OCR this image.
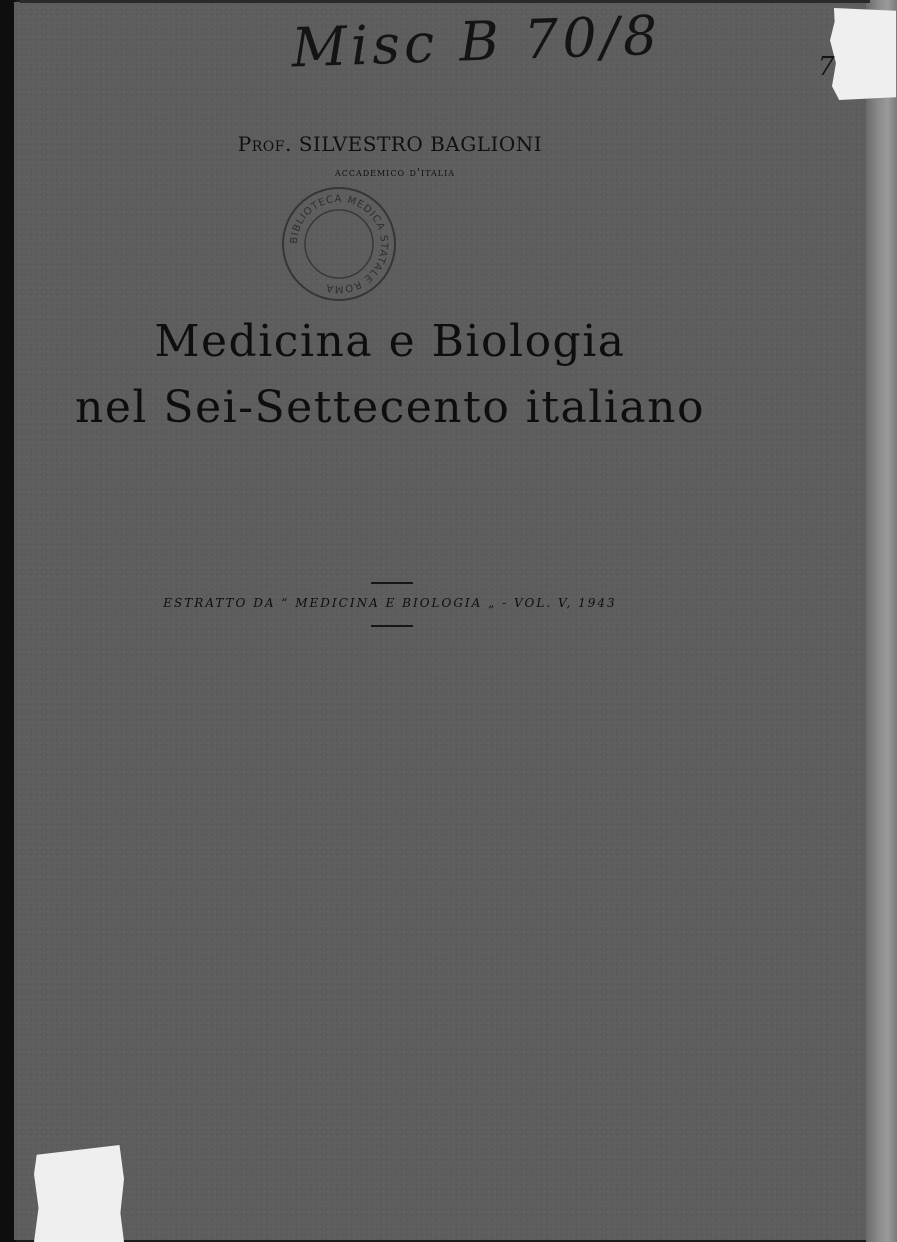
Misc B 70/8	7

Prof. SILVESTRO BAGLIONI

accademico d'italia

BIBLIOTECA MEDICA STATALE ROMA
Medicina e Biologia
nel Sei-Settecento italiano

ESTRATTO DA “ MEDICINA E BIOLOGIA „ - VOL. V, 1943
